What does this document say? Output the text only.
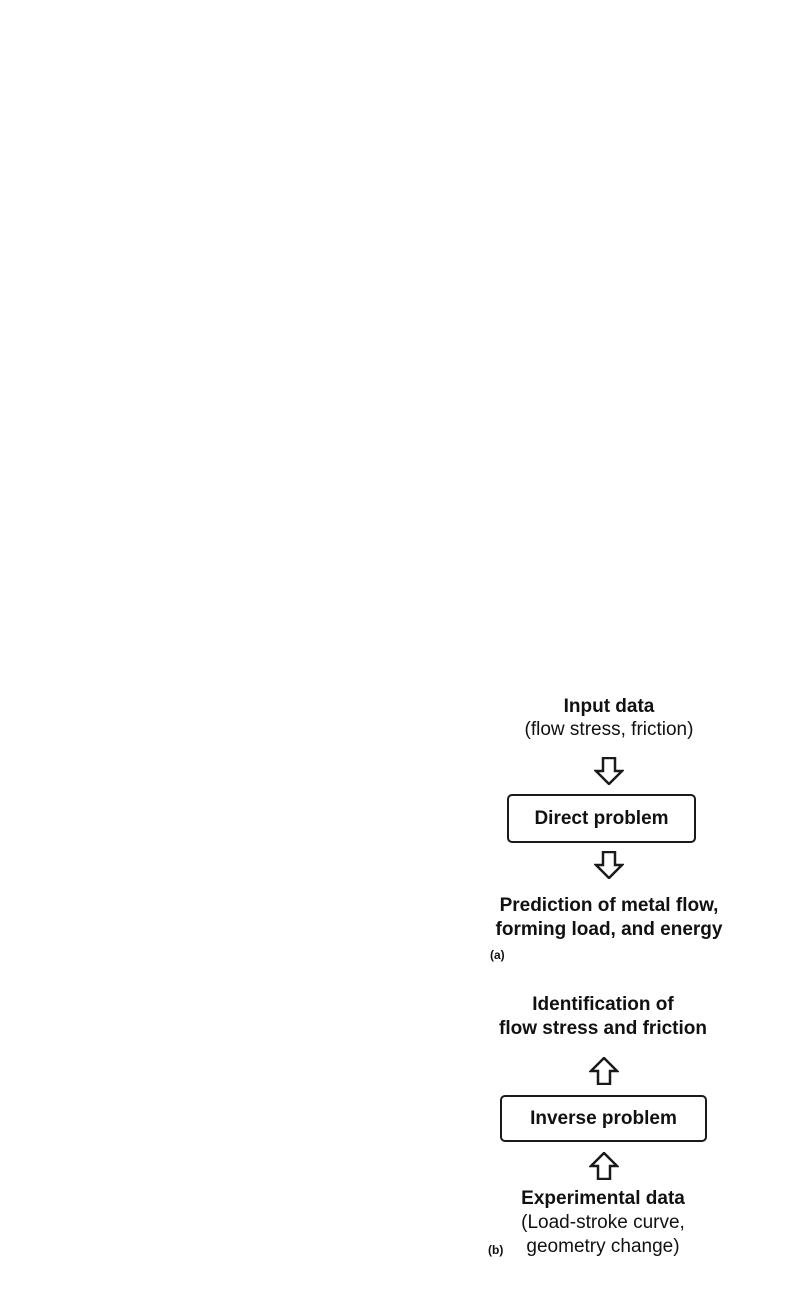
Input data
(flow stress, friction)
Direct problem
Prediction of metal flow,
forming load, and energy
(a)
Identification of
flow stress and friction
Inverse problem
Experimental data
(Load-stroke curve,
geometry change)
(b)
